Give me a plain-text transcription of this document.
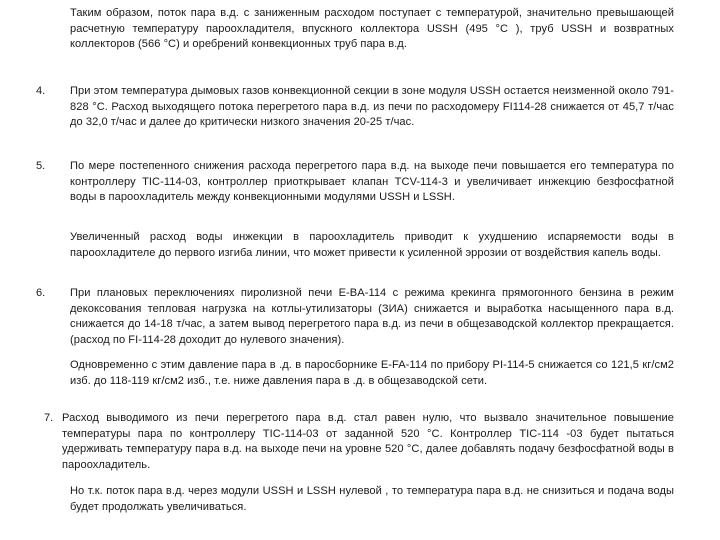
Таким образом, поток пара в.д. с заниженным расходом поступает с температурой, значительно превышающей расчетную температуру пароохладителя, впускного коллектора USSH (495 °С ), труб USSH и возвратных коллекторов (566 °С) и оребрений конвекционных труб пара в.д.
4. При этом температура дымовых газов конвекционной секции в зоне модуля USSH остается неизменной около 791-828 °С. Расход выходящего потока перегретого пара в.д. из печи по расходомеру FI114-28 снижается от 45,7 т/час до 32,0 т/час и далее до критически низкого значения 20-25 т/час.
5. По мере постепенного снижения расхода перегретого пара в.д. на выходе печи повышается его температура по контроллеру TIC-114-03, контроллер приоткрывает клапан TCV-114-3 и увеличивает инжекцию безфосфатной воды в пароохладитель между конвекционными модулями USSH и LSSH.
Увеличенный расход воды инжекции в пароохладитель приводит к ухудшению испаряемости воды в пароохладителе до первого изгиба линии, что может привести к усиленной эррозии от воздействия капель воды.
6. При плановых переключениях пиролизной печи E-BA-114 с режима крекинга прямогонного бензина в режим декоксования тепловая нагрузка на котлы-утилизаторы (ЗИА) снижается и выработка насыщенного пара в.д. снижается до 14-18 т/час, а затем вывод перегретого пара в.д. из печи в общезаводской коллектор прекращается. (расход по FI-114-28 доходит до нулевого значения).
Одновременно с этим давление пара в .д. в паросборнике E-FA-114 по прибору PI-114-5 снижается со 121,5 кг/см2 изб. до 118-119 кг/см2 изб., т.е. ниже давления пара в .д. в общезаводской сети.
7. Расход выводимого из печи перегретого пара в.д. стал равен нулю, что вызвало значительное повышение температуры пара по контроллеру TIC-114-03 от заданной 520 °С. Контроллер TIC-114 -03 будет пытаться удерживать температуру пара в.д. на выходе печи на уровне 520 °С, далее добавлять подачу безфосфатной воды в пароохладитель.
Но т.к. поток пара в.д. через модули USSH и LSSH нулевой , то температура пара в.д. не снизиться и подача воды будет продолжать увеличиваться.
